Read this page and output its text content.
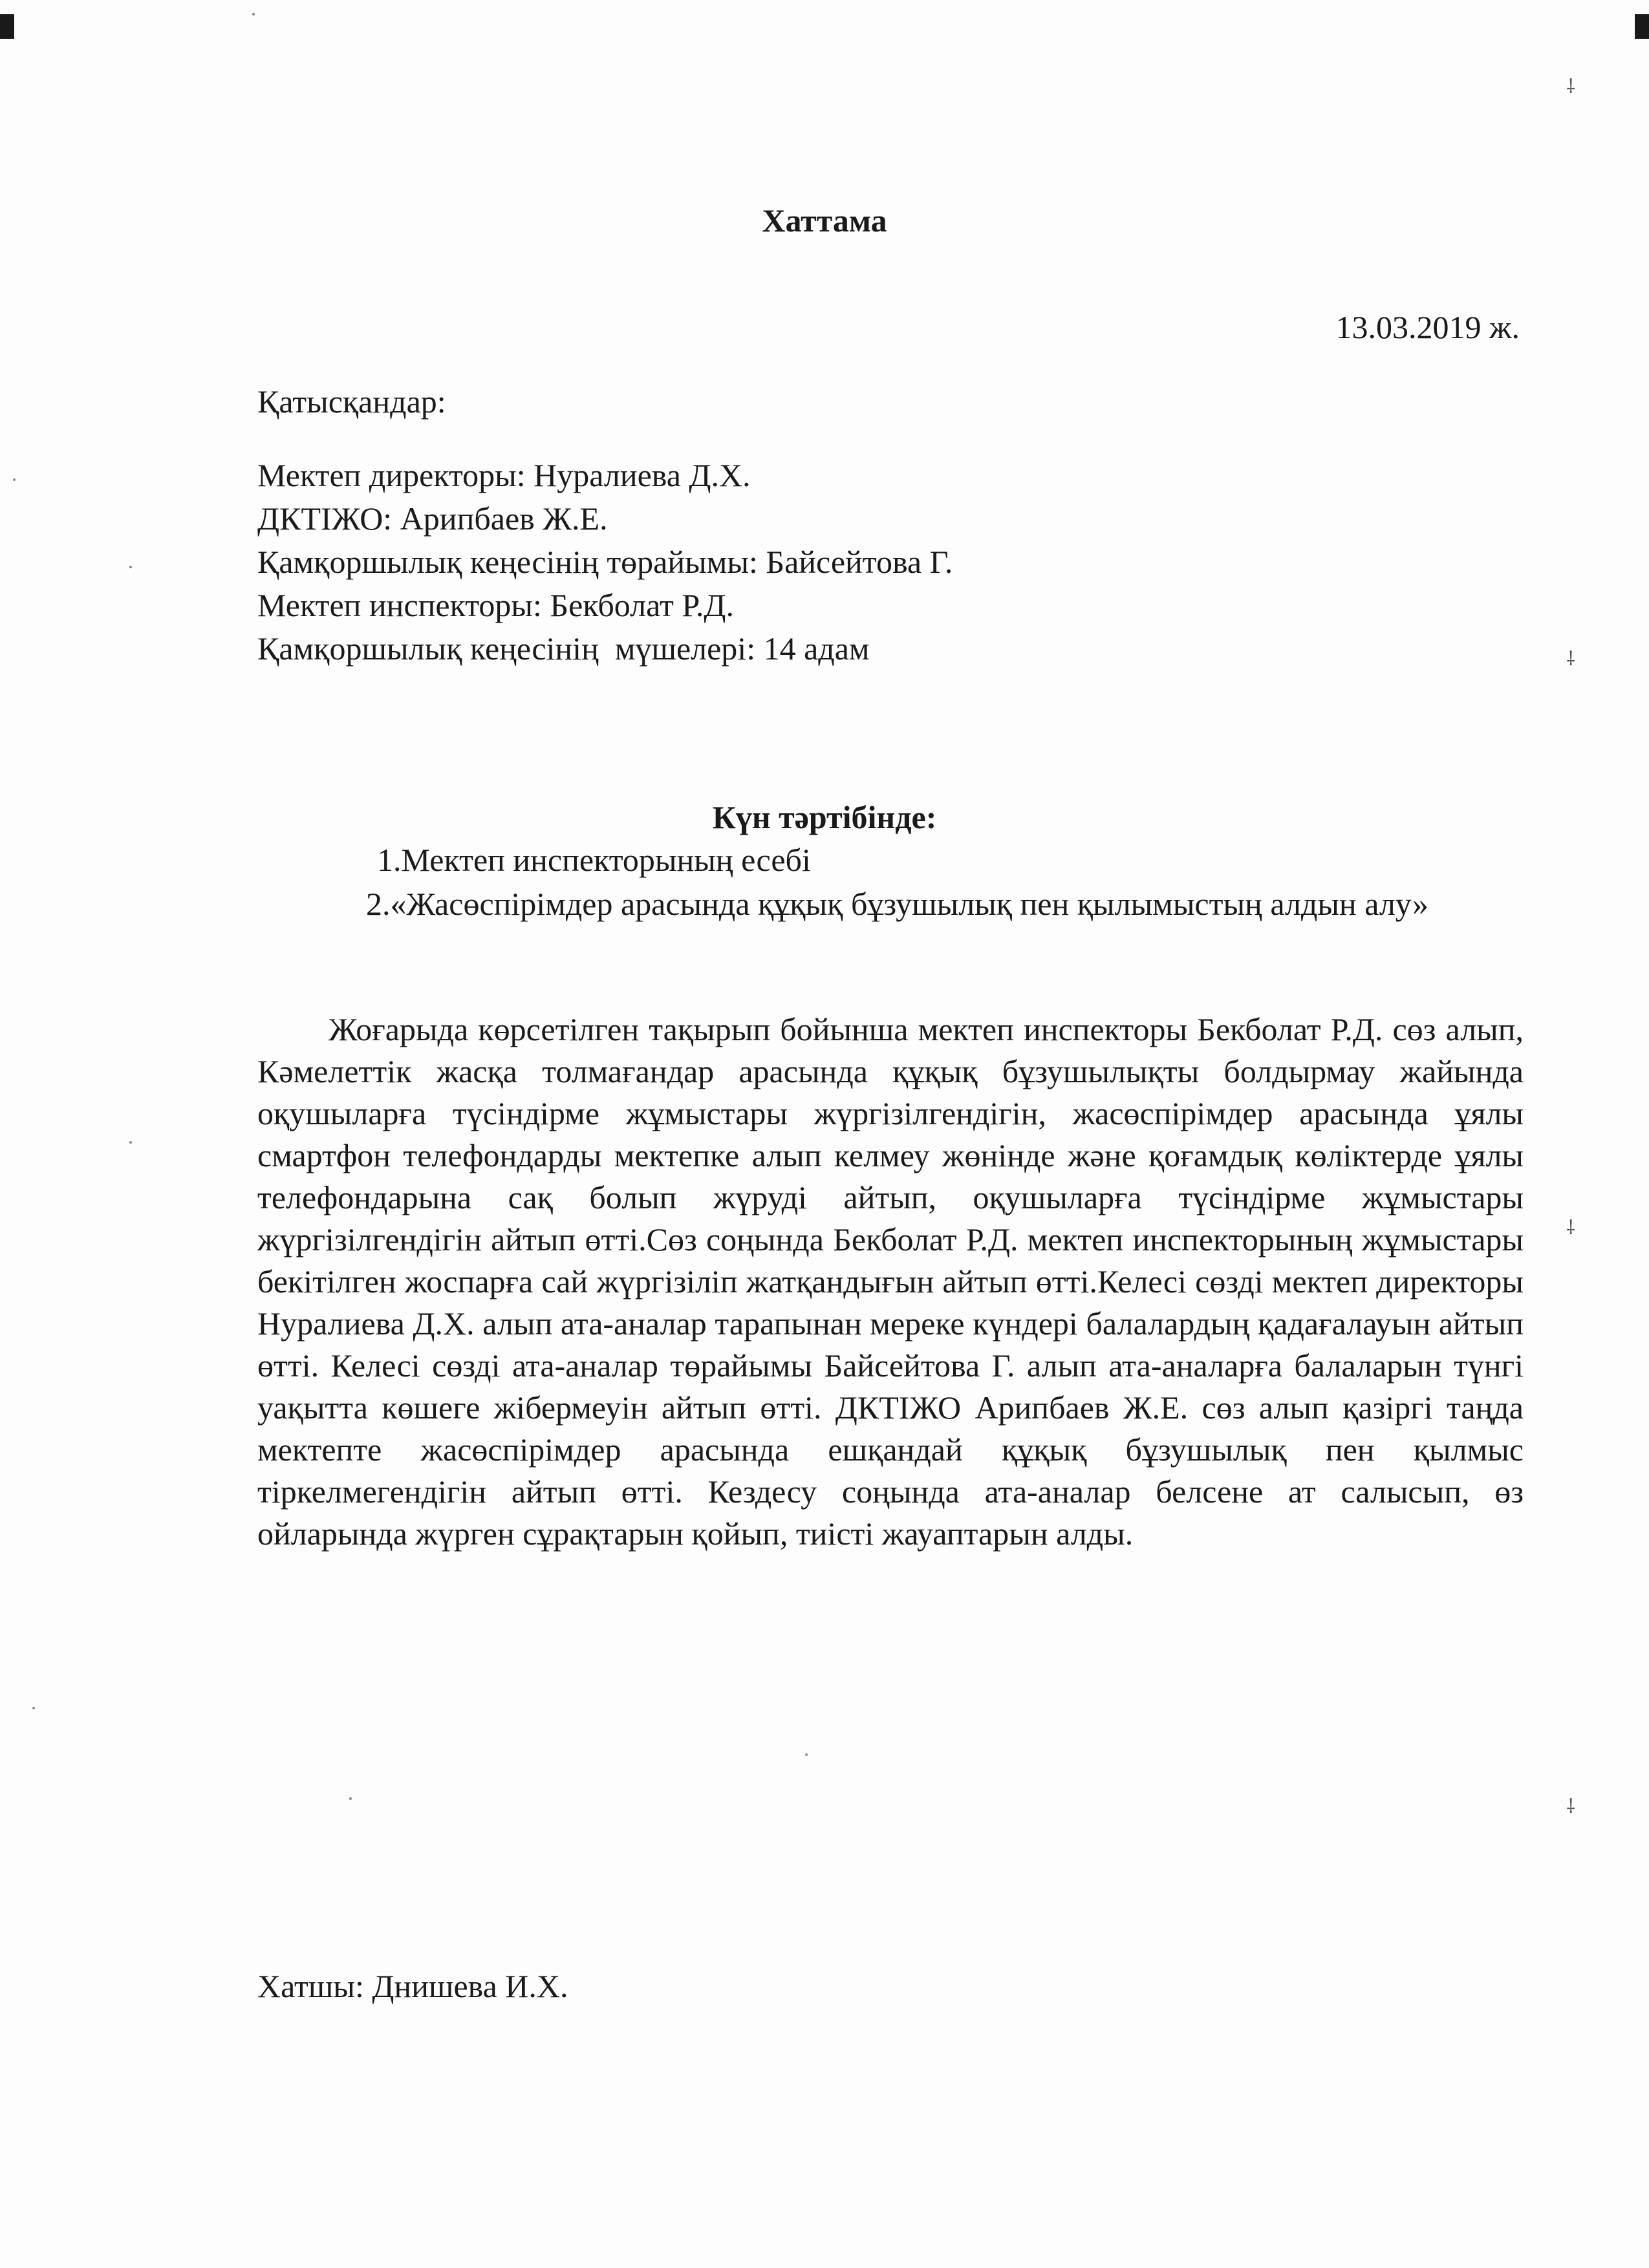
⸸
⸸
⸸
⸸
Хаттама
13.03.2019 ж.
Қатысқандар:
Мектеп директоры: Нуралиева Д.Х.
ДКТІЖО: Арипбаев Ж.Е.
Қамқоршылық кеңесінің төрайымы: Байсейтова Г.
Мектеп инспекторы: Бекболат Р.Д.
Қамқоршылық кеңесінің  мүшелері: 14 адам
Күн тәртібінде:
1.Мектеп инспекторының есебі
2.«Жасөспірімдер арасында құқық бұзушылық пен қылымыстың алдын алу»
Жоғарыда көрсетілген тақырып бойынша мектеп инспекторы Бекболат Р.Д. сөз алып, Кәмелеттік жасқа толмағандар арасында құқық бұзушылықты болдырмау жайында оқушыларға түсіндірме жұмыстары жүргізілгендігін, жасөспірімдер арасында ұялы смартфон телефондарды мектепке алып келмеу жөнінде және қоғамдық көліктерде ұялы телефондарына сақ болып жүруді айтып, оқушыларға түсіндірме жұмыстары жүргізілгендігін айтып өтті.Сөз соңында Бекболат Р.Д. мектеп инспекторының жұмыстары бекітілген жоспарға сай жүргізіліп жатқандығын айтып өтті.Келесі сөзді мектеп директоры Нуралиева Д.Х. алып ата-аналар тарапынан мереке күндері балалардың қадағалауын айтып өтті. Келесі сөзді ата-аналар төрайымы Байсейтова Г. алып ата-аналарға балаларын түнгі уақытта көшеге жібермеуін айтып өтті. ДКТІЖО Арипбаев Ж.Е. сөз алып қазіргі таңда мектепте жасөспірімдер арасында ешқандай құқық бұзушылық пен қылмыс тіркелмегендігін айтып өтті. Кездесу соңында ата-аналар белсене ат салысып, өз ойларында жүрген сұрақтарын қойып, тиісті жауаптарын алды.
Хатшы: Днишева И.Х.
